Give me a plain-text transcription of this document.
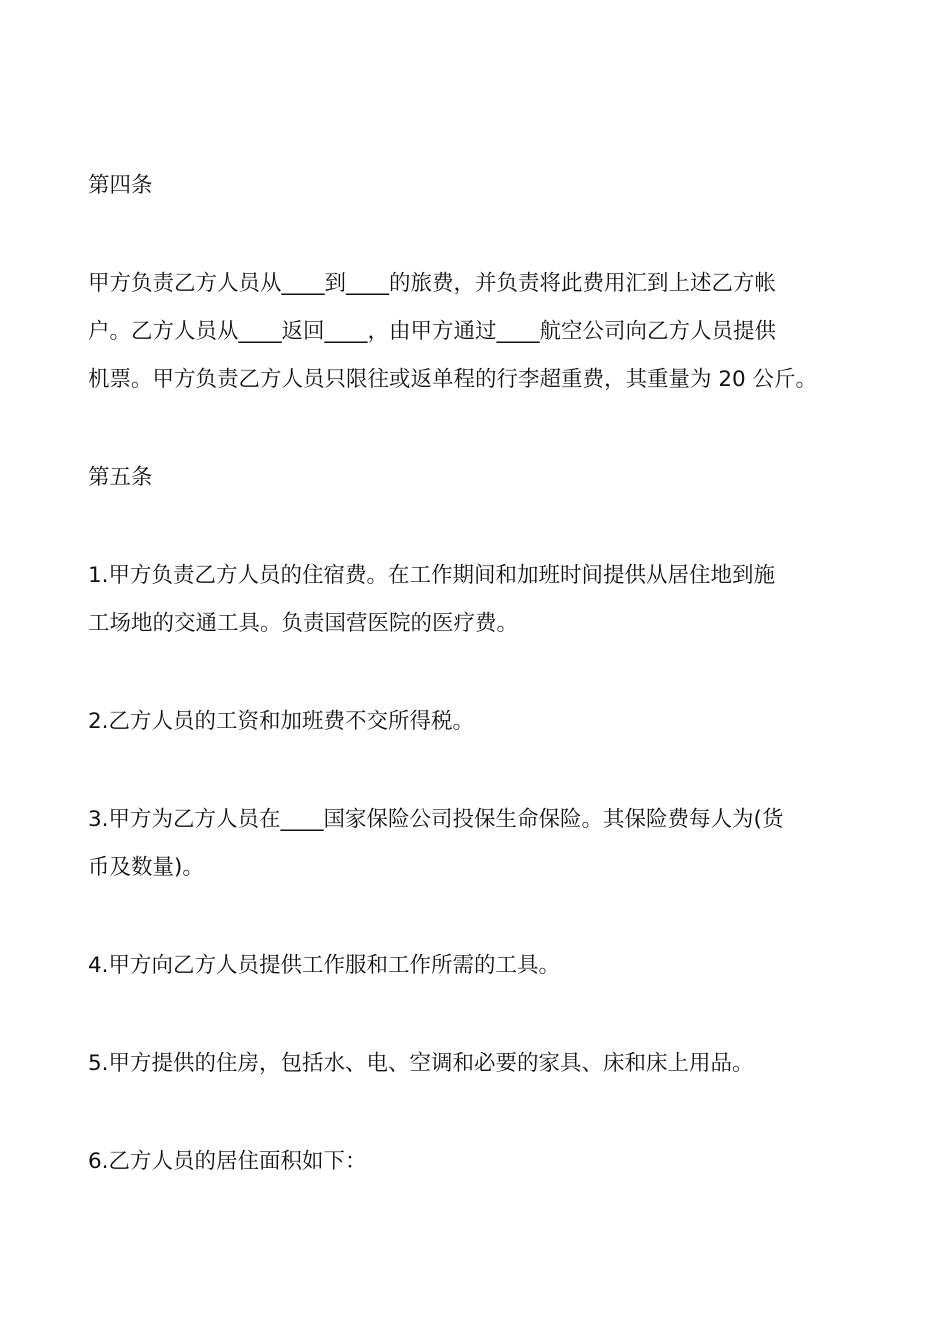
第四条

甲方负责乙方人员从____到____的旅费，并负责将此费用汇到上述乙方帐
户。乙方人员从____返回____，由甲方通过____航空公司向乙方人员提供
机票。甲方负责乙方人员只限往或返单程的行李超重费，其重量为 20 公斤。

第五条

1.甲方负责乙方人员的住宿费。在工作期间和加班时间提供从居住地到施
工场地的交通工具。负责国营医院的医疗费。

2.乙方人员的工资和加班费不交所得税。

3.甲方为乙方人员在____国家保险公司投保生命保险。其保险费每人为(货
币及数量)。

4.甲方向乙方人员提供工作服和工作所需的工具。

5.甲方提供的住房，包括水、电、空调和必要的家具、床和床上用品。

6.乙方人员的居住面积如下：
